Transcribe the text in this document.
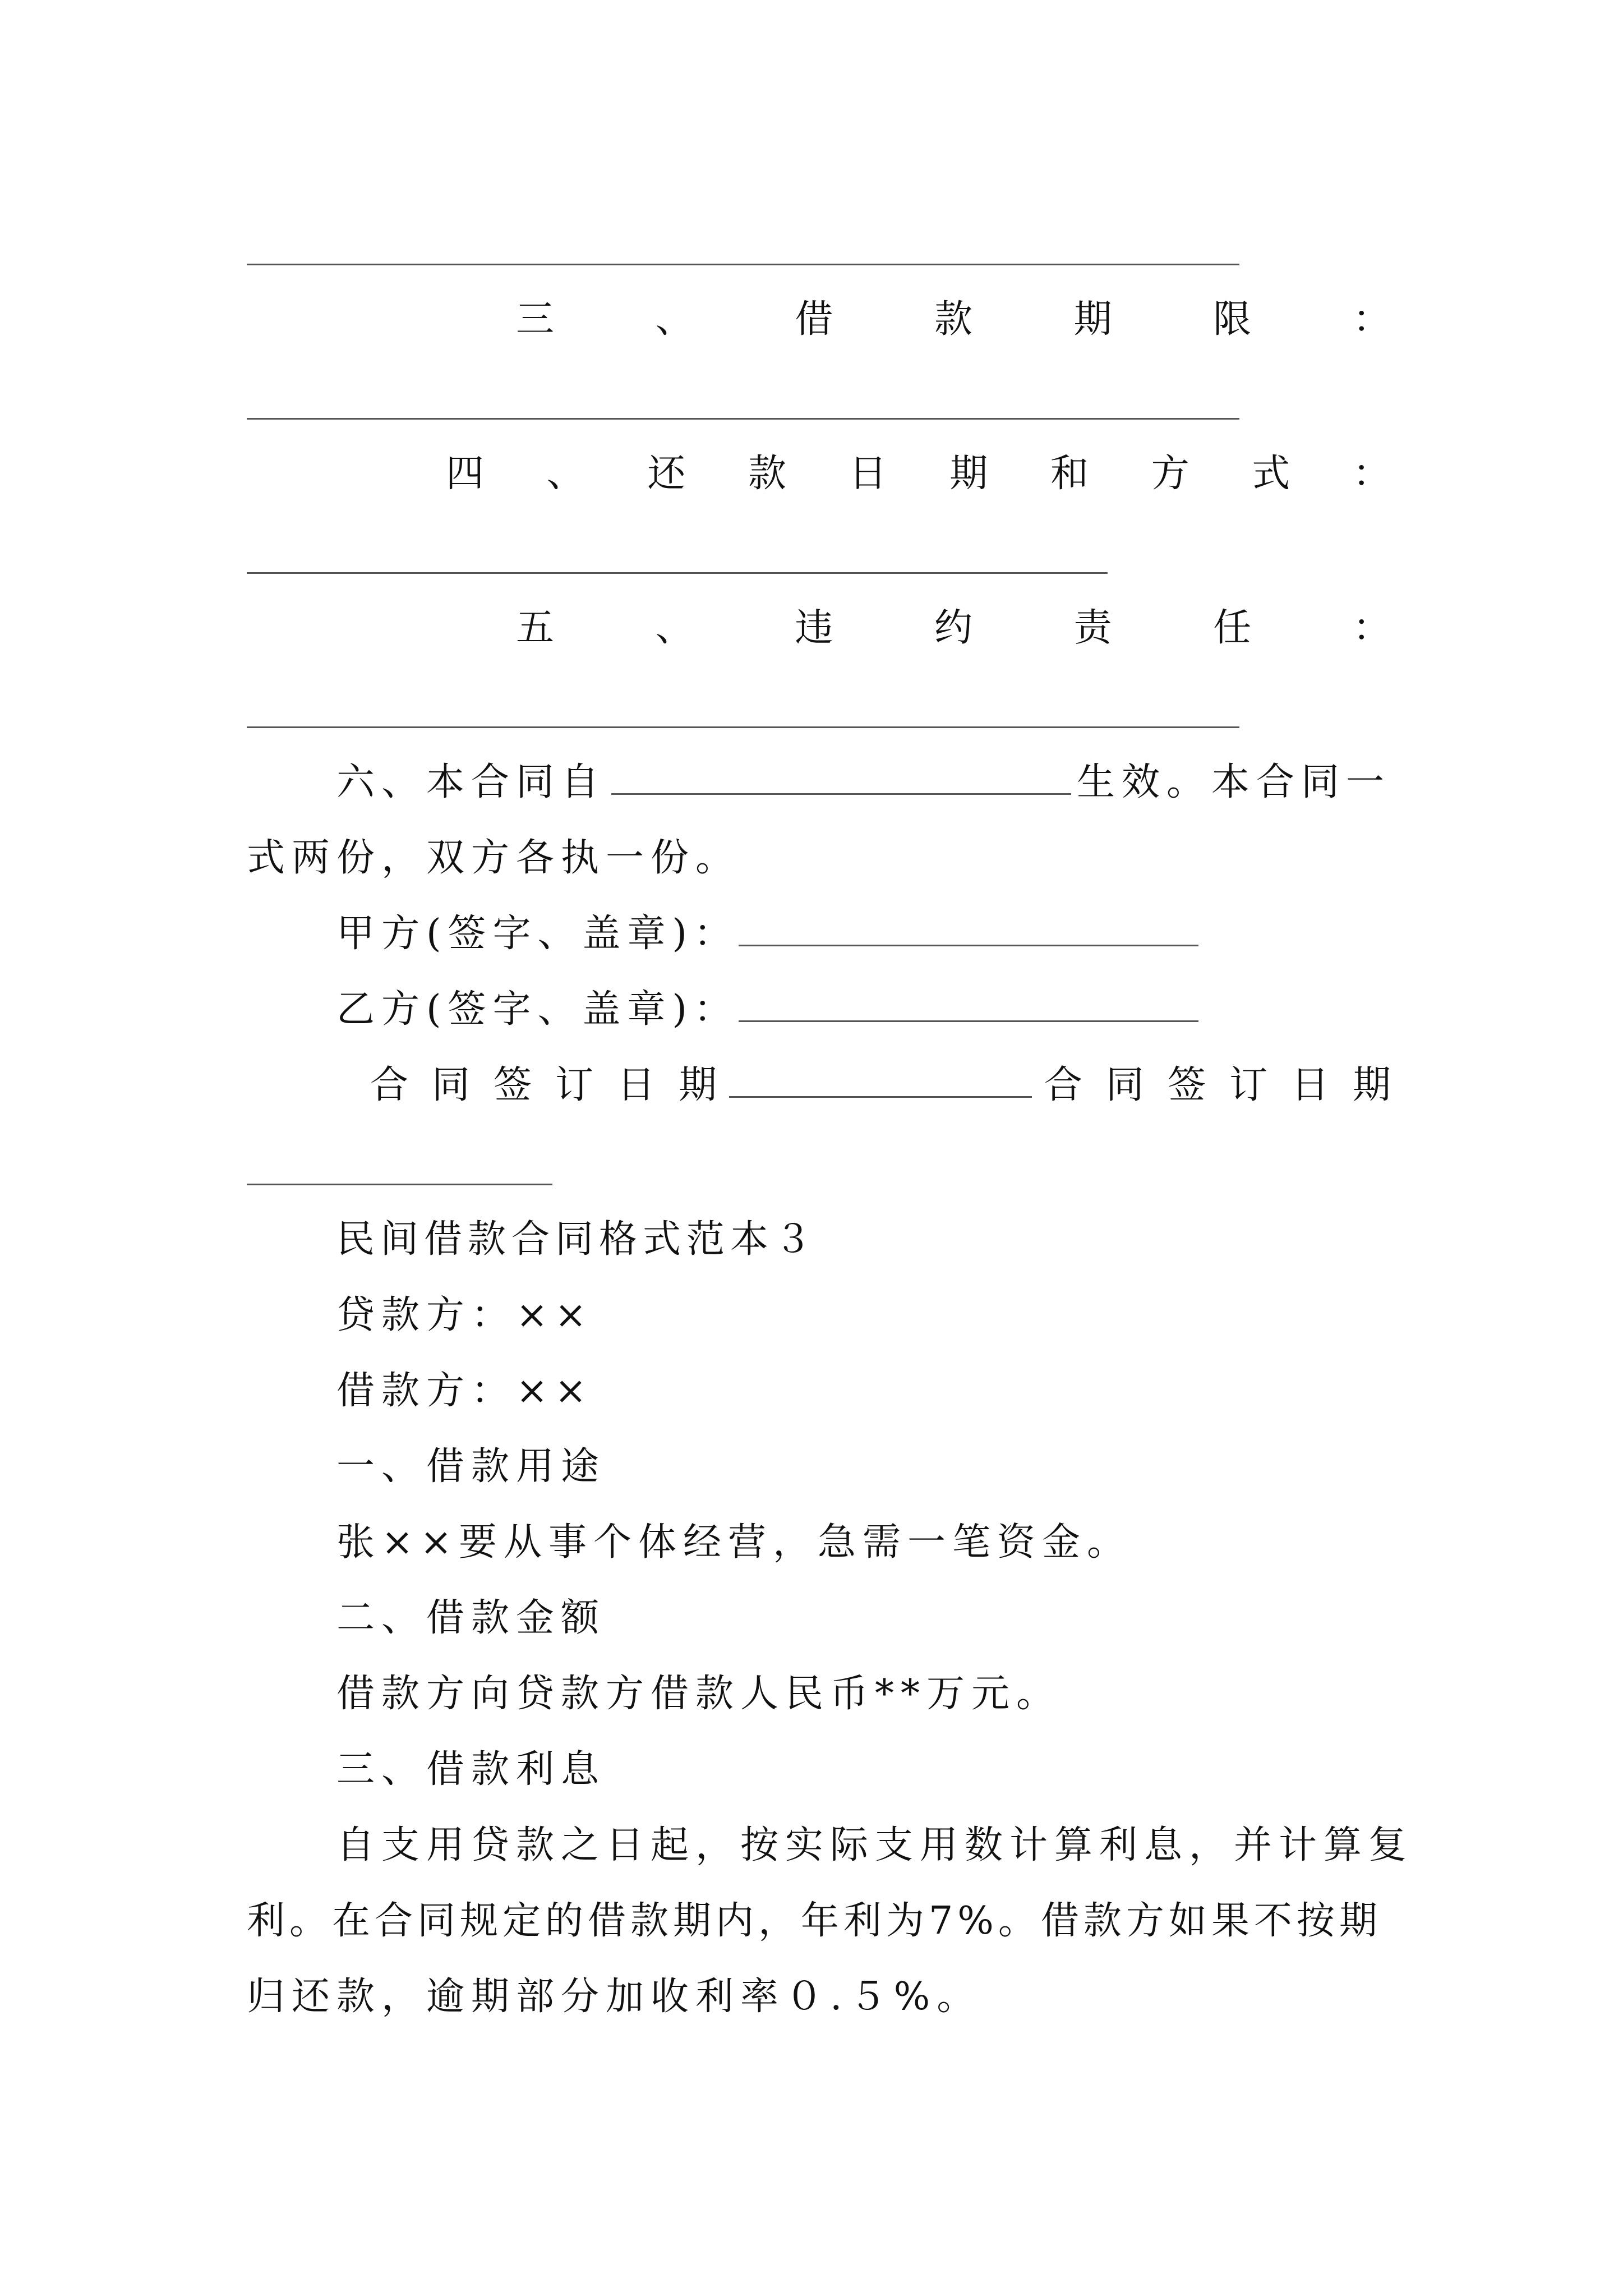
三	、	借	款	期	限	：
四 、 还 款 日 期 和 方 式 ：
五	、	违	约	责	任	：
六、本合同自	生效。本合同一
式两份，双方各执一份。
甲方(签字、盖章)：
乙方(签字、盖章)：
合 同 签 订 日 期	合 同 签 订 日 期
民间借款合同格式范本３
贷款方：××
借款方：××
一、借款用途
张××要从事个体经营，急需一笔资金。
二、借款金额
借款方向贷款方借款人民币**万元。
三、借款利息
自支用贷款之日起，按实际支用数计算利息，并计算复
利。在合同规定的借款期内，年利为7%。借款方如果不按期
归还款，逾期部分加收利率０.５%。
